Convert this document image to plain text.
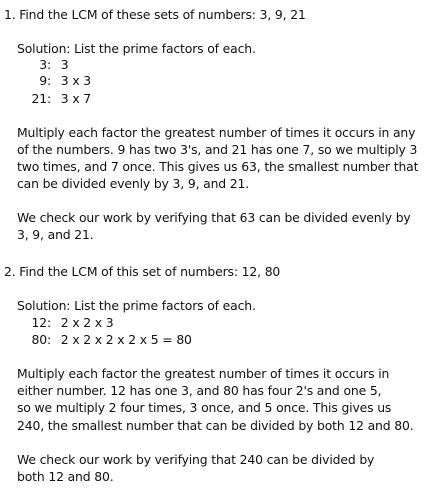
1. Find the LCM of these sets of numbers: 3, 9, 21
Solution: List the prime factors of each.
3: 3
9: 3 x 3
21: 3 x 7
Multiply each factor the greatest number of times it occurs in any
of the numbers. 9 has two 3's, and 21 has one 7, so we multiply 3
two times, and 7 once. This gives us 63, the smallest number that
can be divided evenly by 3, 9, and 21.
We check our work by verifying that 63 can be divided evenly by
3, 9, and 21.
2. Find the LCM of this set of numbers: 12, 80
Solution: List the prime factors of each.
12: 2 x 2 x 3
80: 2 x 2 x 2 x 2 x 5 = 80
Multiply each factor the greatest number of times it occurs in
either number. 12 has one 3, and 80 has four 2's and one 5,
so we multiply 2 four times, 3 once, and 5 once. This gives us
240, the smallest number that can be divided by both 12 and 80.
We check our work by verifying that 240 can be divided by
both 12 and 80.
